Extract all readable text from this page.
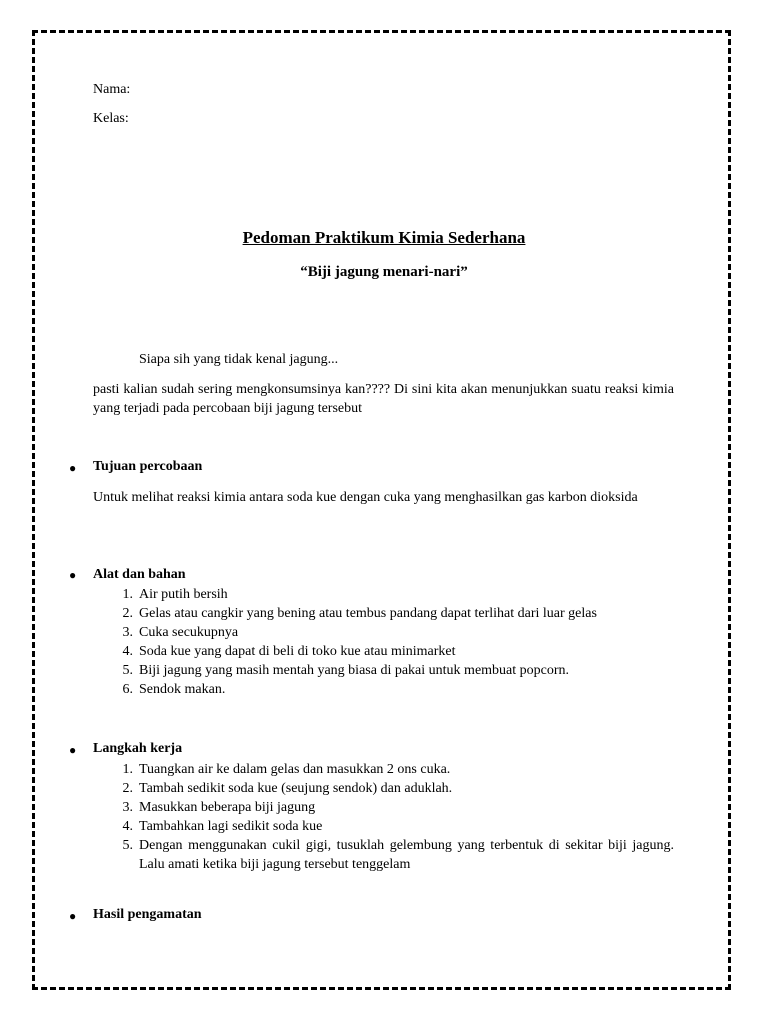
Nama:
Kelas:
Pedoman Praktikum Kimia Sederhana
“Biji jagung menari-nari”
Siapa sih yang tidak kenal jagung...
pasti kalian sudah sering mengkonsumsinya kan???? Di sini kita akan menunjukkan suatu reaksi kimia yang terjadi pada percobaan biji jagung tersebut
● Tujuan percobaan
Untuk melihat reaksi kimia antara soda kue dengan cuka yang menghasilkan gas karbon dioksida
● Alat dan bahan
1. Air putih bersih
2. Gelas atau cangkir yang bening atau tembus pandang dapat terlihat dari luar gelas
3. Cuka secukupnya
4. Soda kue yang dapat di beli di toko kue atau minimarket
5. Biji jagung yang masih mentah yang biasa di pakai untuk membuat popcorn.
6. Sendok makan.
● Langkah kerja
1. Tuangkan air ke dalam gelas dan masukkan 2 ons cuka.
2. Tambah sedikit soda kue (seujung sendok) dan aduklah.
3. Masukkan beberapa biji jagung
4. Tambahkan lagi sedikit soda kue
5. Dengan menggunakan cukil gigi, tusuklah gelembung yang terbentuk di sekitar biji jagung. Lalu amati ketika biji jagung tersebut tenggelam
● Hasil pengamatan
